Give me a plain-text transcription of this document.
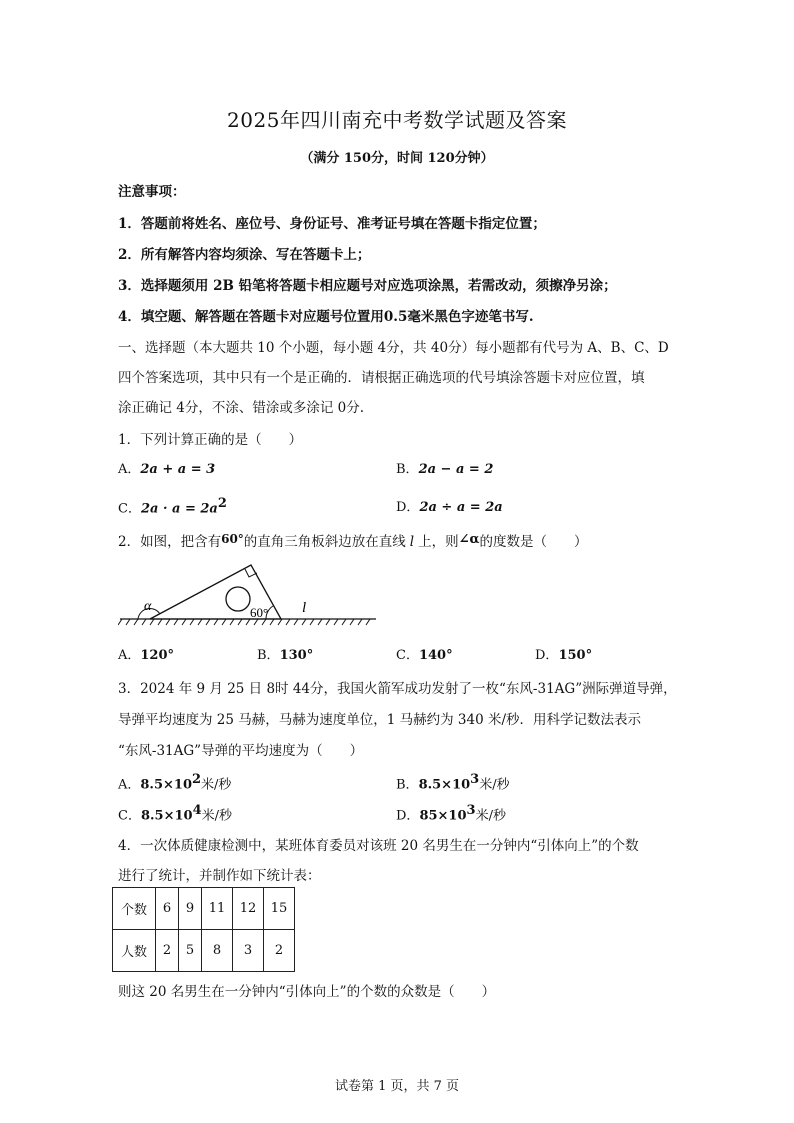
2025年四川南充中考数学试题及答案
（满分 150分，时间 120分钟）
注意事项：
1．答题前将姓名、座位号、身份证号、准考证号填在答题卡指定位置；
2．所有解答内容均须涂、写在答题卡上；
3．选择题须用 2B 铅笔将答题卡相应题号对应选项涂黑，若需改动，须擦净另涂；
4．填空题、解答题在答题卡对应题号位置用0.5毫米黑色字迹笔书写.
一、选择题（本大题共 10 个小题，每小题 4分，共 40分）每小题都有代号为 A、B、C、D
四个答案选项，其中只有一个是正确的．请根据正确选项的代号填涂答题卡对应位置，填
涂正确记 4分，不涂、错涂或多涂记 0分.
1．下列计算正确的是（　　）
A．2a + a = 3	B．2a − a = 2
C．$2a \cdot a = 2a^2$	D．2a ÷ a = 2a
2．如图，把含有60°的直角三角板斜边放在直线 l 上，则∠α的度数是（　　）
α	60° l
A．120°	B．130°	C．140°	D．150°
3．2024 年 9 月 25 日 8时 44分，我国火箭军成功发射了一枚“东风-31AG”洲际弹道导弹，
导弹平均速度为 25 马赫，马赫为速度单位，1 马赫约为 340 米/秒．用科学记数法表示
“东风-31AG”导弹的平均速度为（　　）
A．$8.5\times 10^2$米/秒	B．$8.5\times 10^3$米/秒
C．$8.5\times 10^4$米/秒	D．$85\times 10^3$米/秒
4．一次体质健康检测中，某班体育委员对该班 20 名男生在一分钟内“引体向上”的个数
进行了统计，并制作如下统计表：
个数	6	9	11	12	15
人数	2	5	8	3	2
则这 20 名男生在一分钟内“引体向上”的个数的众数是（　　）
试卷第 1 页，共 7 页
